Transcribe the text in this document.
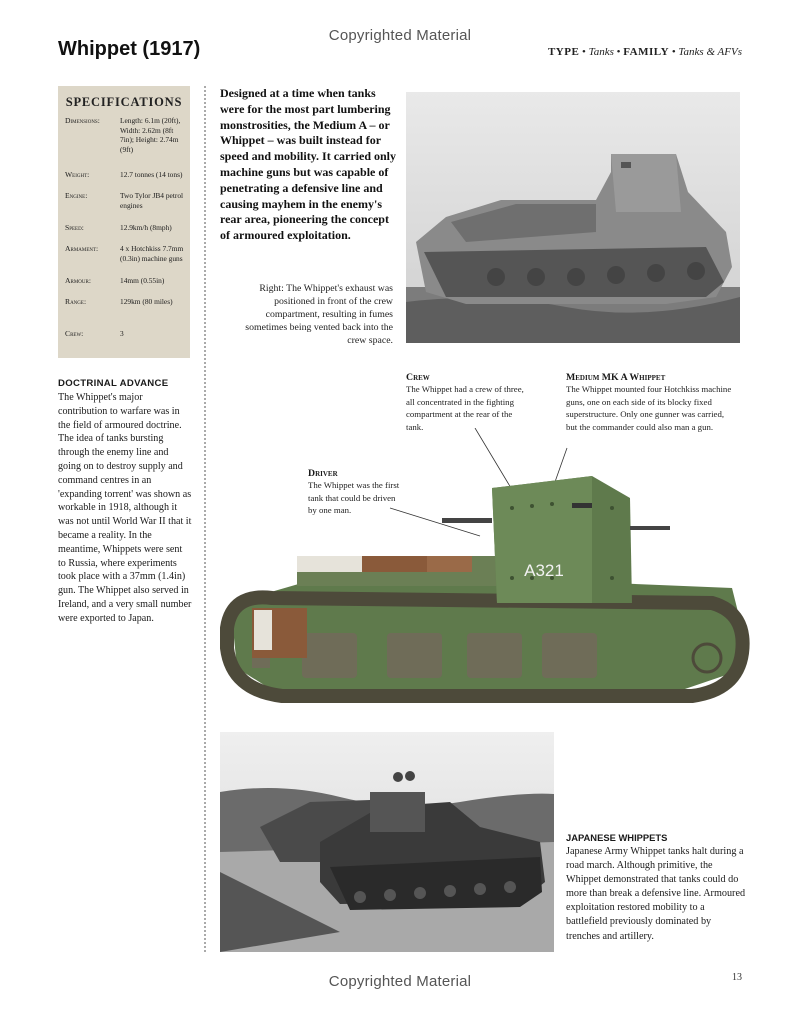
Copyrighted Material
Copyrighted Material
Whippet (1917)	TYPE • Tanks • FAMILY • Tanks & AFVs
SPECIFICATIONS
Dimensions:	Length: 6.1m (20ft), Width: 2.62m (8ft 7in); Height: 2.74m (9ft)
Weight:	12.7 tonnes (14 tons)
Engine:	Two Tylor JB4 petrol engines
Speed:	12.9km/h (8mph)
Armament:	4 x Hotchkiss 7.7mm (0.3in) machine guns
Armour:	14mm (0.55in)
Range:	129km (80 miles)
Crew:	3
Designed at a time when tanks were for the most part lumbering monstrosities, the Medium A – or Whippet – was built instead for speed and mobility. It carried only machine guns but was capable of penetrating a defensive line and causing mayhem in the enemy's rear area, pioneering the concept of armoured exploitation.
Right: The Whippet's exhaust was positioned in front of the crew compartment, resulting in fumes sometimes being vented back into the crew space.
DOCTRINAL ADVANCE
The Whippet's major contribution to warfare was in the field of armoured doctrine. The idea of tanks bursting through the enemy line and going on to destroy supply and command centres in an 'expanding torrent' was shown as workable in 1918, although it was not until World War II that it became a reality. In the meantime, Whippets were sent to Russia, where experiments took place with a 37mm (1.4in) gun. The Whippet also served in Ireland, and a very small number were exported to Japan.
Crew
The Whippet had a crew of three, all concentrated in the fighting compartment at the rear of the tank.
Medium MK A Whippet
The Whippet mounted four Hotchkiss machine guns, one on each side of its blocky fixed superstructure. Only one gunner was carried, but the commander could also man a gun.
Driver
The Whippet was the first tank that could be driven by one man.
A321
JAPANESE WHIPPETS
Japanese Army Whippet tanks halt during a road march. Although primitive, the Whippet demonstrated that tanks could do more than break a defensive line. Armoured exploitation restored mobility to a battlefield previously dominated by trenches and artillery.
13
